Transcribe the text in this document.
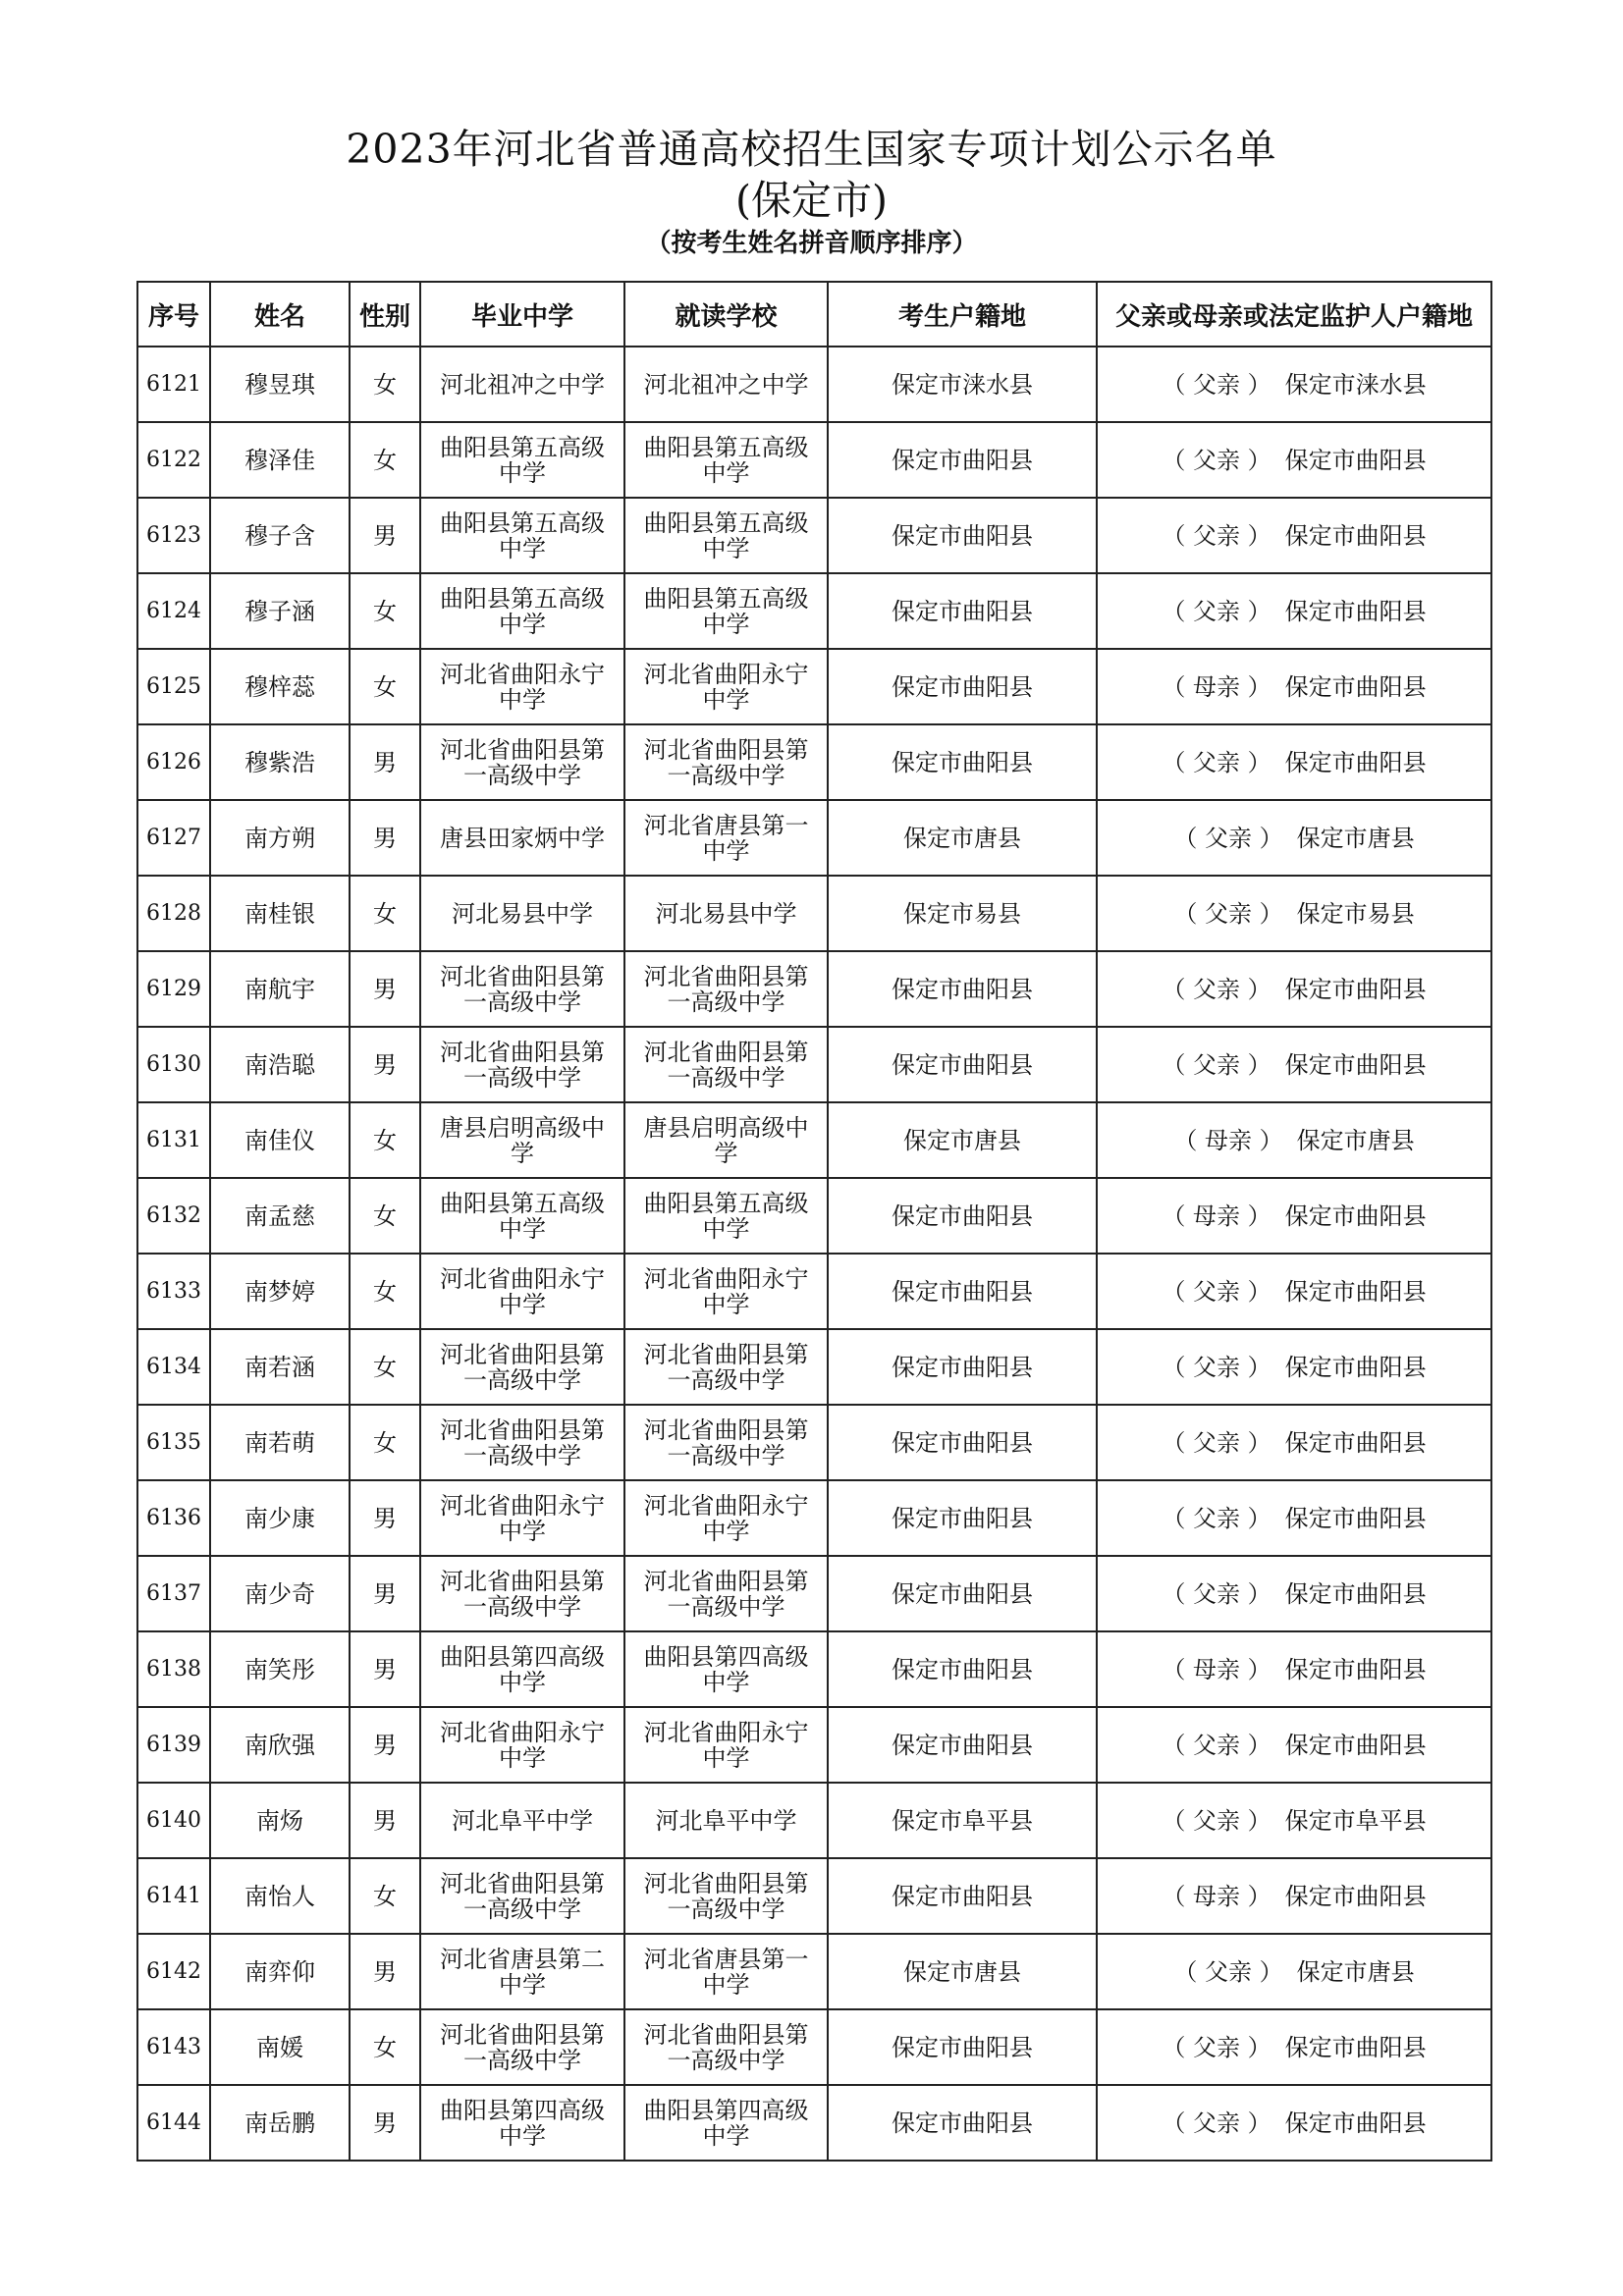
2023年河北省普通高校招生国家专项计划公示名单
(保定市)
（按考生姓名拼音顺序排序）
序号	姓名	性别	毕业中学	就读学校	考生户籍地	父亲或母亲或法定监护人户籍地
6121	穆昱琪	女	河北祖冲之中学	河北祖冲之中学	保定市涞水县	（ 父亲 ） 保定市涞水县
6122	穆泽佳	女	曲阳县第五高级中学	曲阳县第五高级中学	保定市曲阳县	（ 父亲 ） 保定市曲阳县
6123	穆子含	男	曲阳县第五高级中学	曲阳县第五高级中学	保定市曲阳县	（ 父亲 ） 保定市曲阳县
6124	穆子涵	女	曲阳县第五高级中学	曲阳县第五高级中学	保定市曲阳县	（ 父亲 ） 保定市曲阳县
6125	穆梓蕊	女	河北省曲阳永宁中学	河北省曲阳永宁中学	保定市曲阳县	（ 母亲 ） 保定市曲阳县
6126	穆紫浩	男	河北省曲阳县第一高级中学	河北省曲阳县第一高级中学	保定市曲阳县	（ 父亲 ） 保定市曲阳县
6127	南方朔	男	唐县田家炳中学	河北省唐县第一中学	保定市唐县	（ 父亲 ） 保定市唐县
6128	南桂银	女	河北易县中学	河北易县中学	保定市易县	（ 父亲 ） 保定市易县
6129	南航宇	男	河北省曲阳县第一高级中学	河北省曲阳县第一高级中学	保定市曲阳县	（ 父亲 ） 保定市曲阳县
6130	南浩聪	男	河北省曲阳县第一高级中学	河北省曲阳县第一高级中学	保定市曲阳县	（ 父亲 ） 保定市曲阳县
6131	南佳仪	女	唐县启明高级中学	唐县启明高级中学	保定市唐县	（ 母亲 ） 保定市唐县
6132	南孟慈	女	曲阳县第五高级中学	曲阳县第五高级中学	保定市曲阳县	（ 母亲 ） 保定市曲阳县
6133	南梦婷	女	河北省曲阳永宁中学	河北省曲阳永宁中学	保定市曲阳县	（ 父亲 ） 保定市曲阳县
6134	南若涵	女	河北省曲阳县第一高级中学	河北省曲阳县第一高级中学	保定市曲阳县	（ 父亲 ） 保定市曲阳县
6135	南若萌	女	河北省曲阳县第一高级中学	河北省曲阳县第一高级中学	保定市曲阳县	（ 父亲 ） 保定市曲阳县
6136	南少康	男	河北省曲阳永宁中学	河北省曲阳永宁中学	保定市曲阳县	（ 父亲 ） 保定市曲阳县
6137	南少奇	男	河北省曲阳县第一高级中学	河北省曲阳县第一高级中学	保定市曲阳县	（ 父亲 ） 保定市曲阳县
6138	南笑彤	男	曲阳县第四高级中学	曲阳县第四高级中学	保定市曲阳县	（ 母亲 ） 保定市曲阳县
6139	南欣强	男	河北省曲阳永宁中学	河北省曲阳永宁中学	保定市曲阳县	（ 父亲 ） 保定市曲阳县
6140	南炀	男	河北阜平中学	河北阜平中学	保定市阜平县	（ 父亲 ） 保定市阜平县
6141	南怡人	女	河北省曲阳县第一高级中学	河北省曲阳县第一高级中学	保定市曲阳县	（ 母亲 ） 保定市曲阳县
6142	南弈仰	男	河北省唐县第二中学	河北省唐县第一中学	保定市唐县	（ 父亲 ） 保定市唐县
6143	南媛	女	河北省曲阳县第一高级中学	河北省曲阳县第一高级中学	保定市曲阳县	（ 父亲 ） 保定市曲阳县
6144	南岳鹏	男	曲阳县第四高级中学	曲阳县第四高级中学	保定市曲阳县	（ 父亲 ） 保定市曲阳县
